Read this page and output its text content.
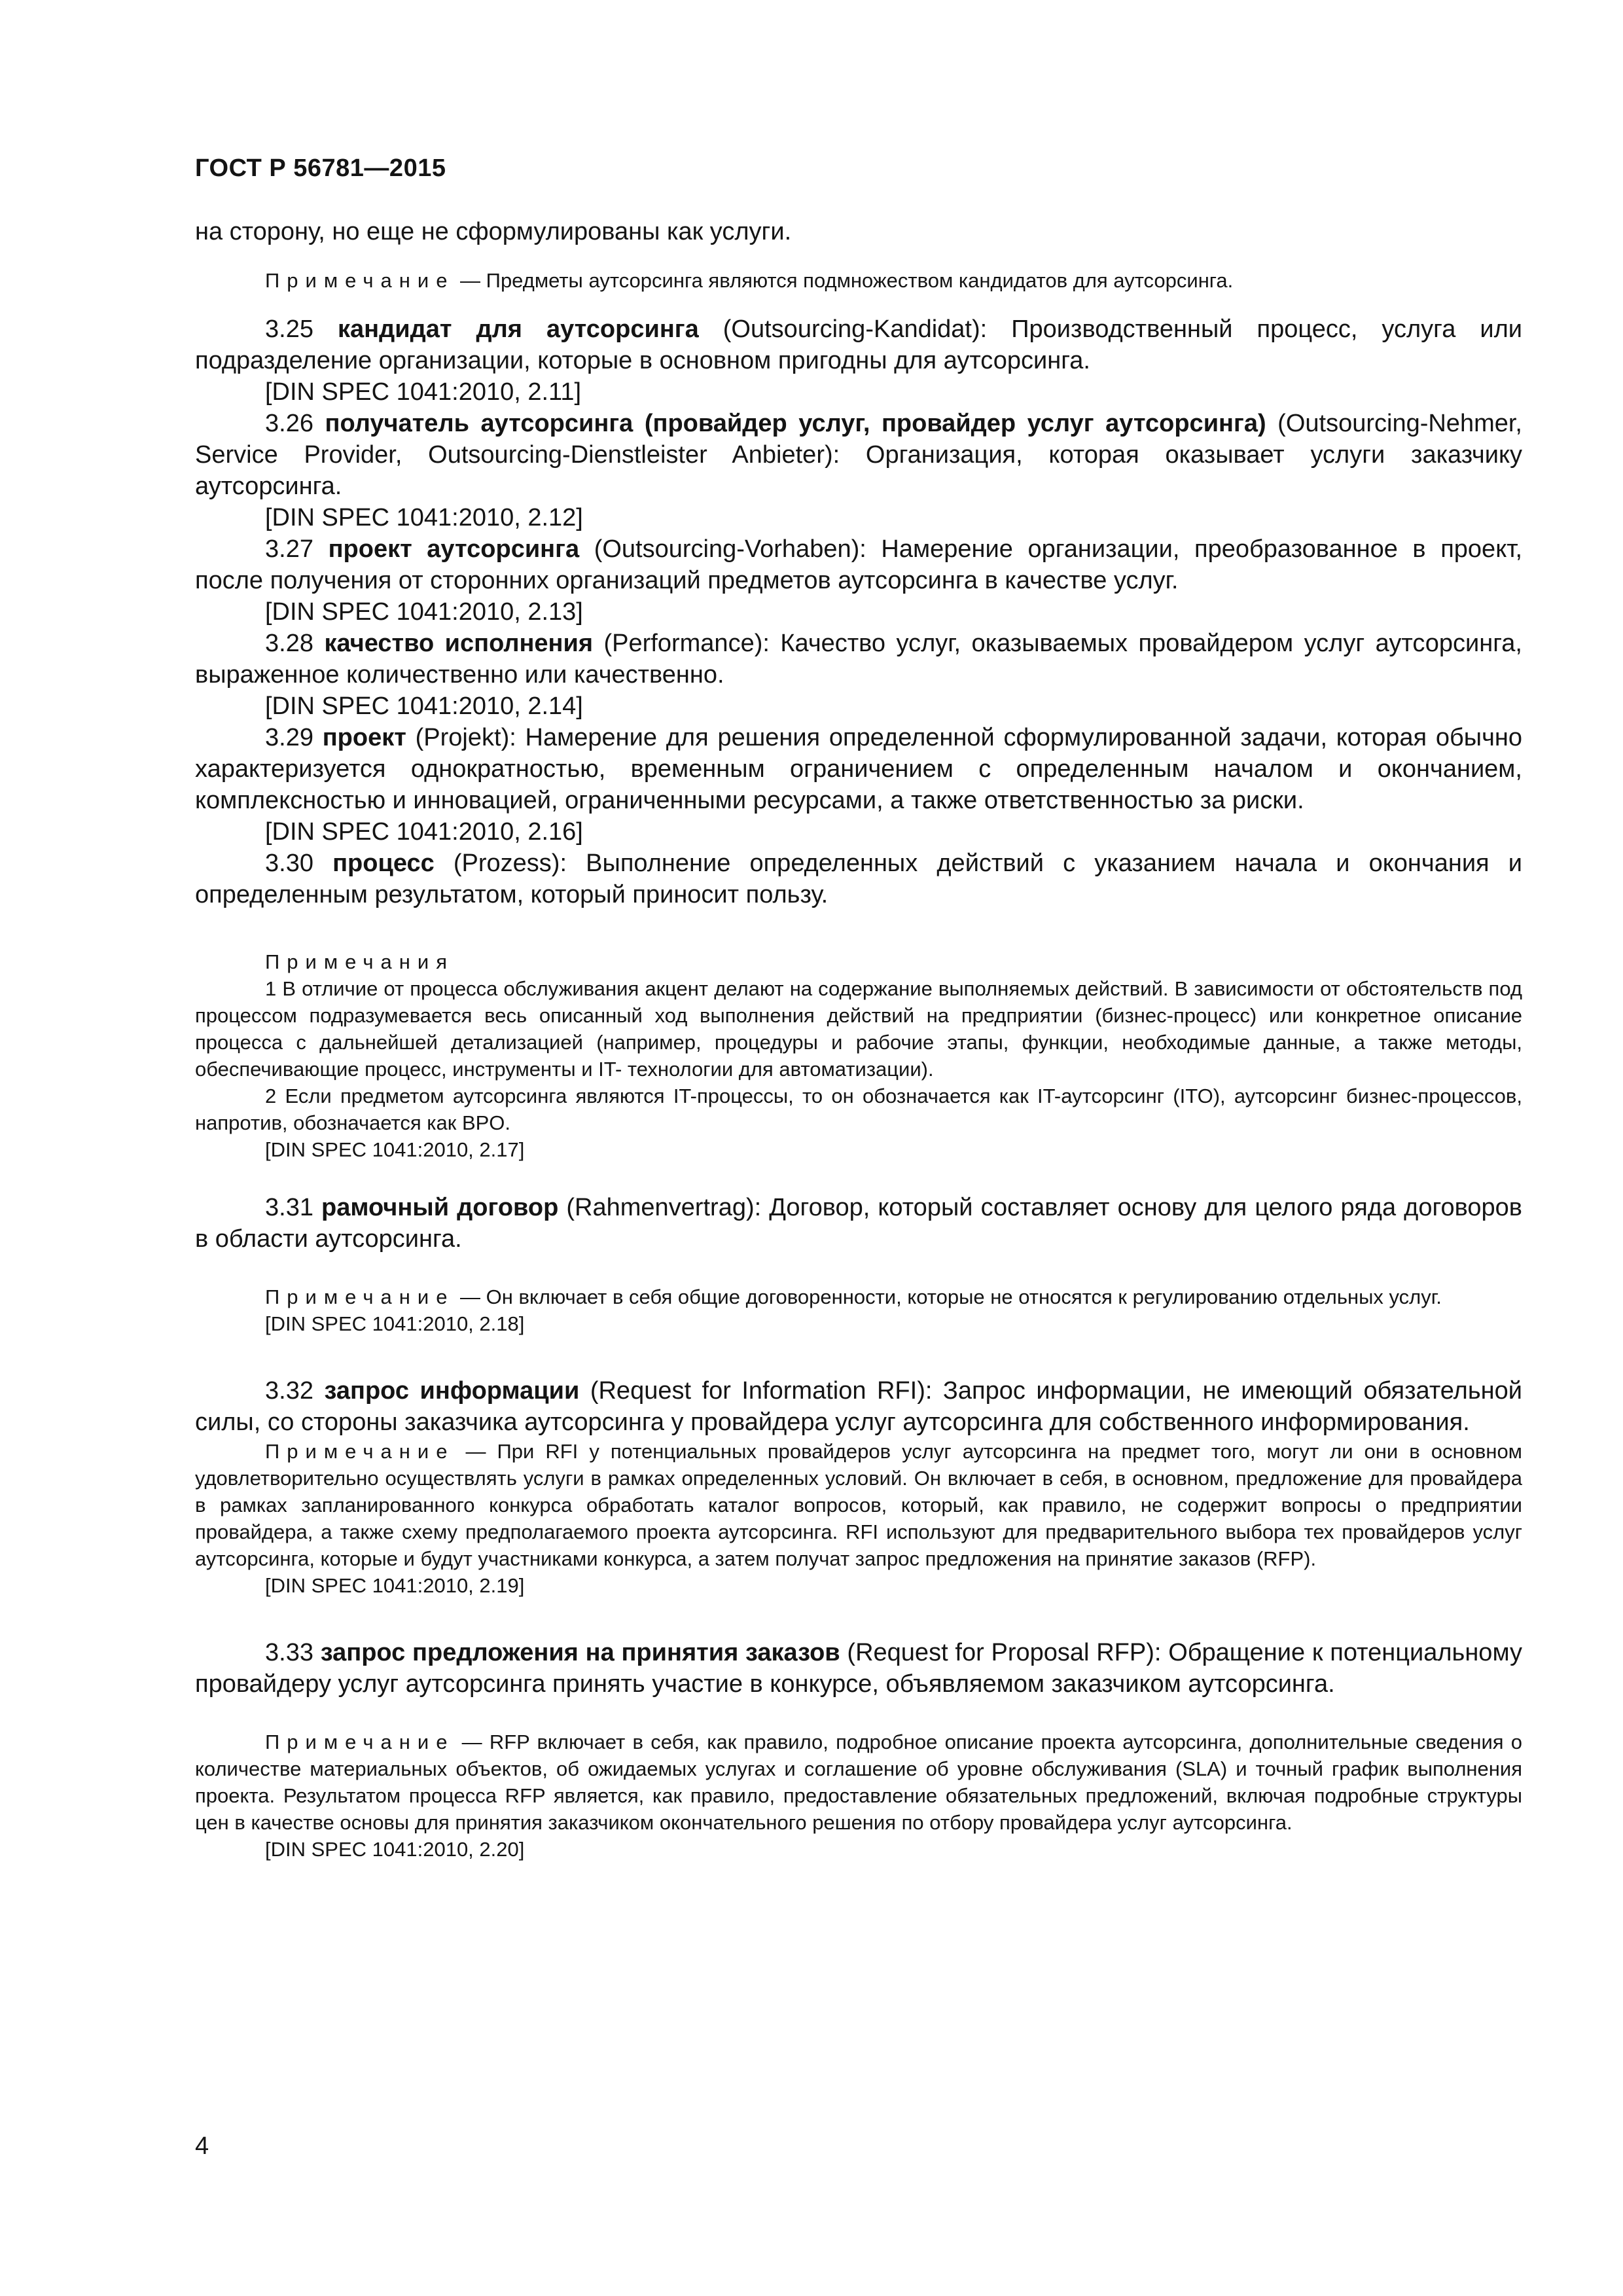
ГОСТ Р 56781—2015

на сторону, но еще не сформулированы как услуги.

Примечание — Предметы аутсорсинга являются подмножеством кандидатов для аутсорсинга.

3.25 кандидат для аутсорсинга (Outsourcing-Kandidat): Производственный процесс, услуга или подразделение организации, которые в основном пригодны для аутсорсинга.

[DIN SPEC 1041:2010, 2.11]

3.26 получатель аутсорсинга (провайдер услуг, провайдер услуг аутсорсинга) (Outsourcing-Nehmer, Service Provider, Outsourcing-Dienstleister Anbieter): Организация, которая оказывает услуги заказчику аутсорсинга.

[DIN SPEC 1041:2010, 2.12]

3.27 проект аутсорсинга (Outsourcing-Vorhaben): Намерение организации, преобразованное в проект, после получения от сторонних организаций предметов аутсорсинга в качестве услуг.

[DIN SPEC 1041:2010, 2.13]

3.28 качество исполнения (Performance): Качество услуг, оказываемых провайдером услуг аутсорсинга, выраженное количественно или качественно.

[DIN SPEC 1041:2010, 2.14]

3.29 проект (Projekt): Намерение для решения определенной сформулированной задачи, которая обычно характеризуется однократностью, временным ограничением с определенным началом и окончанием, комплексностью и инновацией, ограниченными ресурсами, а также ответственностью за риски.

[DIN SPEC 1041:2010, 2.16]

3.30 процесс (Prozess): Выполнение определенных действий с указанием начала и окончания и определенным результатом, который приносит пользу.

Примечания

1 В отличие от процесса обслуживания акцент делают на содержание выполняемых действий. В зависимости от обстоятельств под процессом подразумевается весь описанный ход выполнения действий на предприятии (бизнес-процесс) или конкретное описание процесса с дальнейшей детализацией (например, процедуры и рабочие этапы, функции, необходимые данные, а также методы, обеспечивающие процесс, инструменты и IT- технологии для автоматизации).

2 Если предметом аутсорсинга являются IT-процессы, то он обозначается как IT-аутсорсинг (ITO), аутсорсинг бизнес-процессов, напротив, обозначается как BPO.

[DIN SPEC 1041:2010, 2.17]

3.31 рамочный договор (Rahmenvertrag): Договор, который составляет основу для целого ряда договоров в области аутсорсинга.

Примечание — Он включает в себя общие договоренности, которые не относятся к регулированию отдельных услуг.

[DIN SPEC 1041:2010, 2.18]

3.32 запрос информации (Request for Information RFI): Запрос информации, не имеющий обязательной силы, со стороны заказчика аутсорсинга у провайдера услуг аутсорсинга для собственного информирования.

Примечание — При RFI у потенциальных провайдеров услуг аутсорсинга на предмет того, могут ли они в основном удовлетворительно осуществлять услуги в рамках определенных условий. Он включает в себя, в основном, предложение для провайдера в рамках запланированного конкурса обработать каталог вопросов, который, как правило, не содержит вопросы о предприятии провайдера, а также схему предполагаемого проекта аутсорсинга. RFI используют для предварительного выбора тех провайдеров услуг аутсорсинга, которые и будут участниками конкурса, а затем получат запрос предложения на принятие заказов (RFP).

[DIN SPEC 1041:2010, 2.19]

3.33 запрос предложения на принятия заказов (Request for Proposal RFP): Обращение к потенциальному провайдеру услуг аутсорсинга принять участие в конкурсе, объявляемом заказчиком аутсорсинга.

Примечание — RFP включает в себя, как правило, подробное описание проекта аутсорсинга, дополнительные сведения о количестве материальных объектов, об ожидаемых услугах и соглашение об уровне обслуживания (SLA) и точный график выполнения проекта. Результатом процесса RFP является, как правило, предоставление обязательных предложений, включая подробные структуры цен в качестве основы для принятия заказчиком окончательного решения по отбору провайдера услуг аутсорсинга.

[DIN SPEC 1041:2010, 2.20]

4
